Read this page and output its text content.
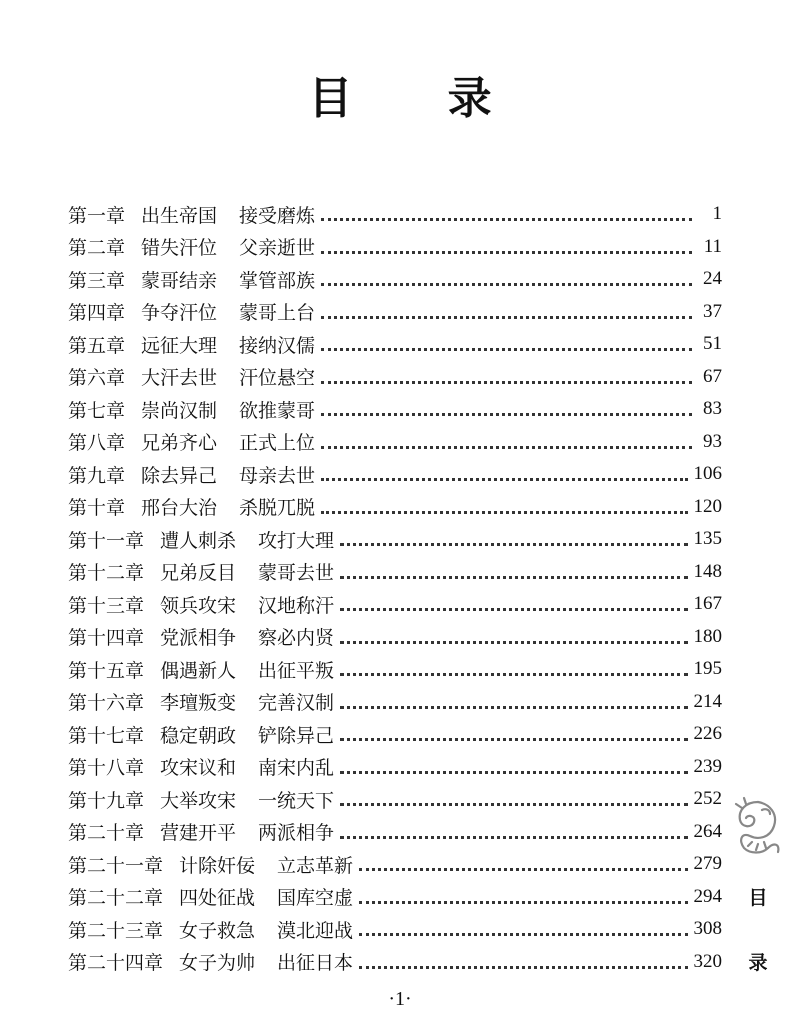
目 录
第一章 出生帝国 接受磨炼	1
第二章 错失汗位 父亲逝世	11
第三章 蒙哥结亲 掌管部族	24
第四章 争夺汗位 蒙哥上台	37
第五章 远征大理 接纳汉儒	51
第六章 大汗去世 汗位悬空	67
第七章 崇尚汉制 欲推蒙哥	83
第八章 兄弟齐心 正式上位	93
第九章 除去异己 母亲去世	106
第十章 邢台大治 杀脱兀脱	120
第十一章 遭人刺杀 攻打大理	135
第十二章 兄弟反目 蒙哥去世	148
第十三章 领兵攻宋 汉地称汗	167
第十四章 党派相争 察必内贤	180
第十五章 偶遇新人 出征平叛	195
第十六章 李璮叛变 完善汉制	214
第十七章 稳定朝政 铲除异己	226
第十八章 攻宋议和 南宋内乱	239
第十九章 大举攻宋 一统天下	252
第二十章 营建开平 两派相争	264
第二十一章 计除奸佞 立志革新	279
第二十二章 四处征战 国库空虚	294
第二十三章 女子救急 漠北迎战	308
第二十四章 女子为帅 出征日本	320
目
录
·1·
